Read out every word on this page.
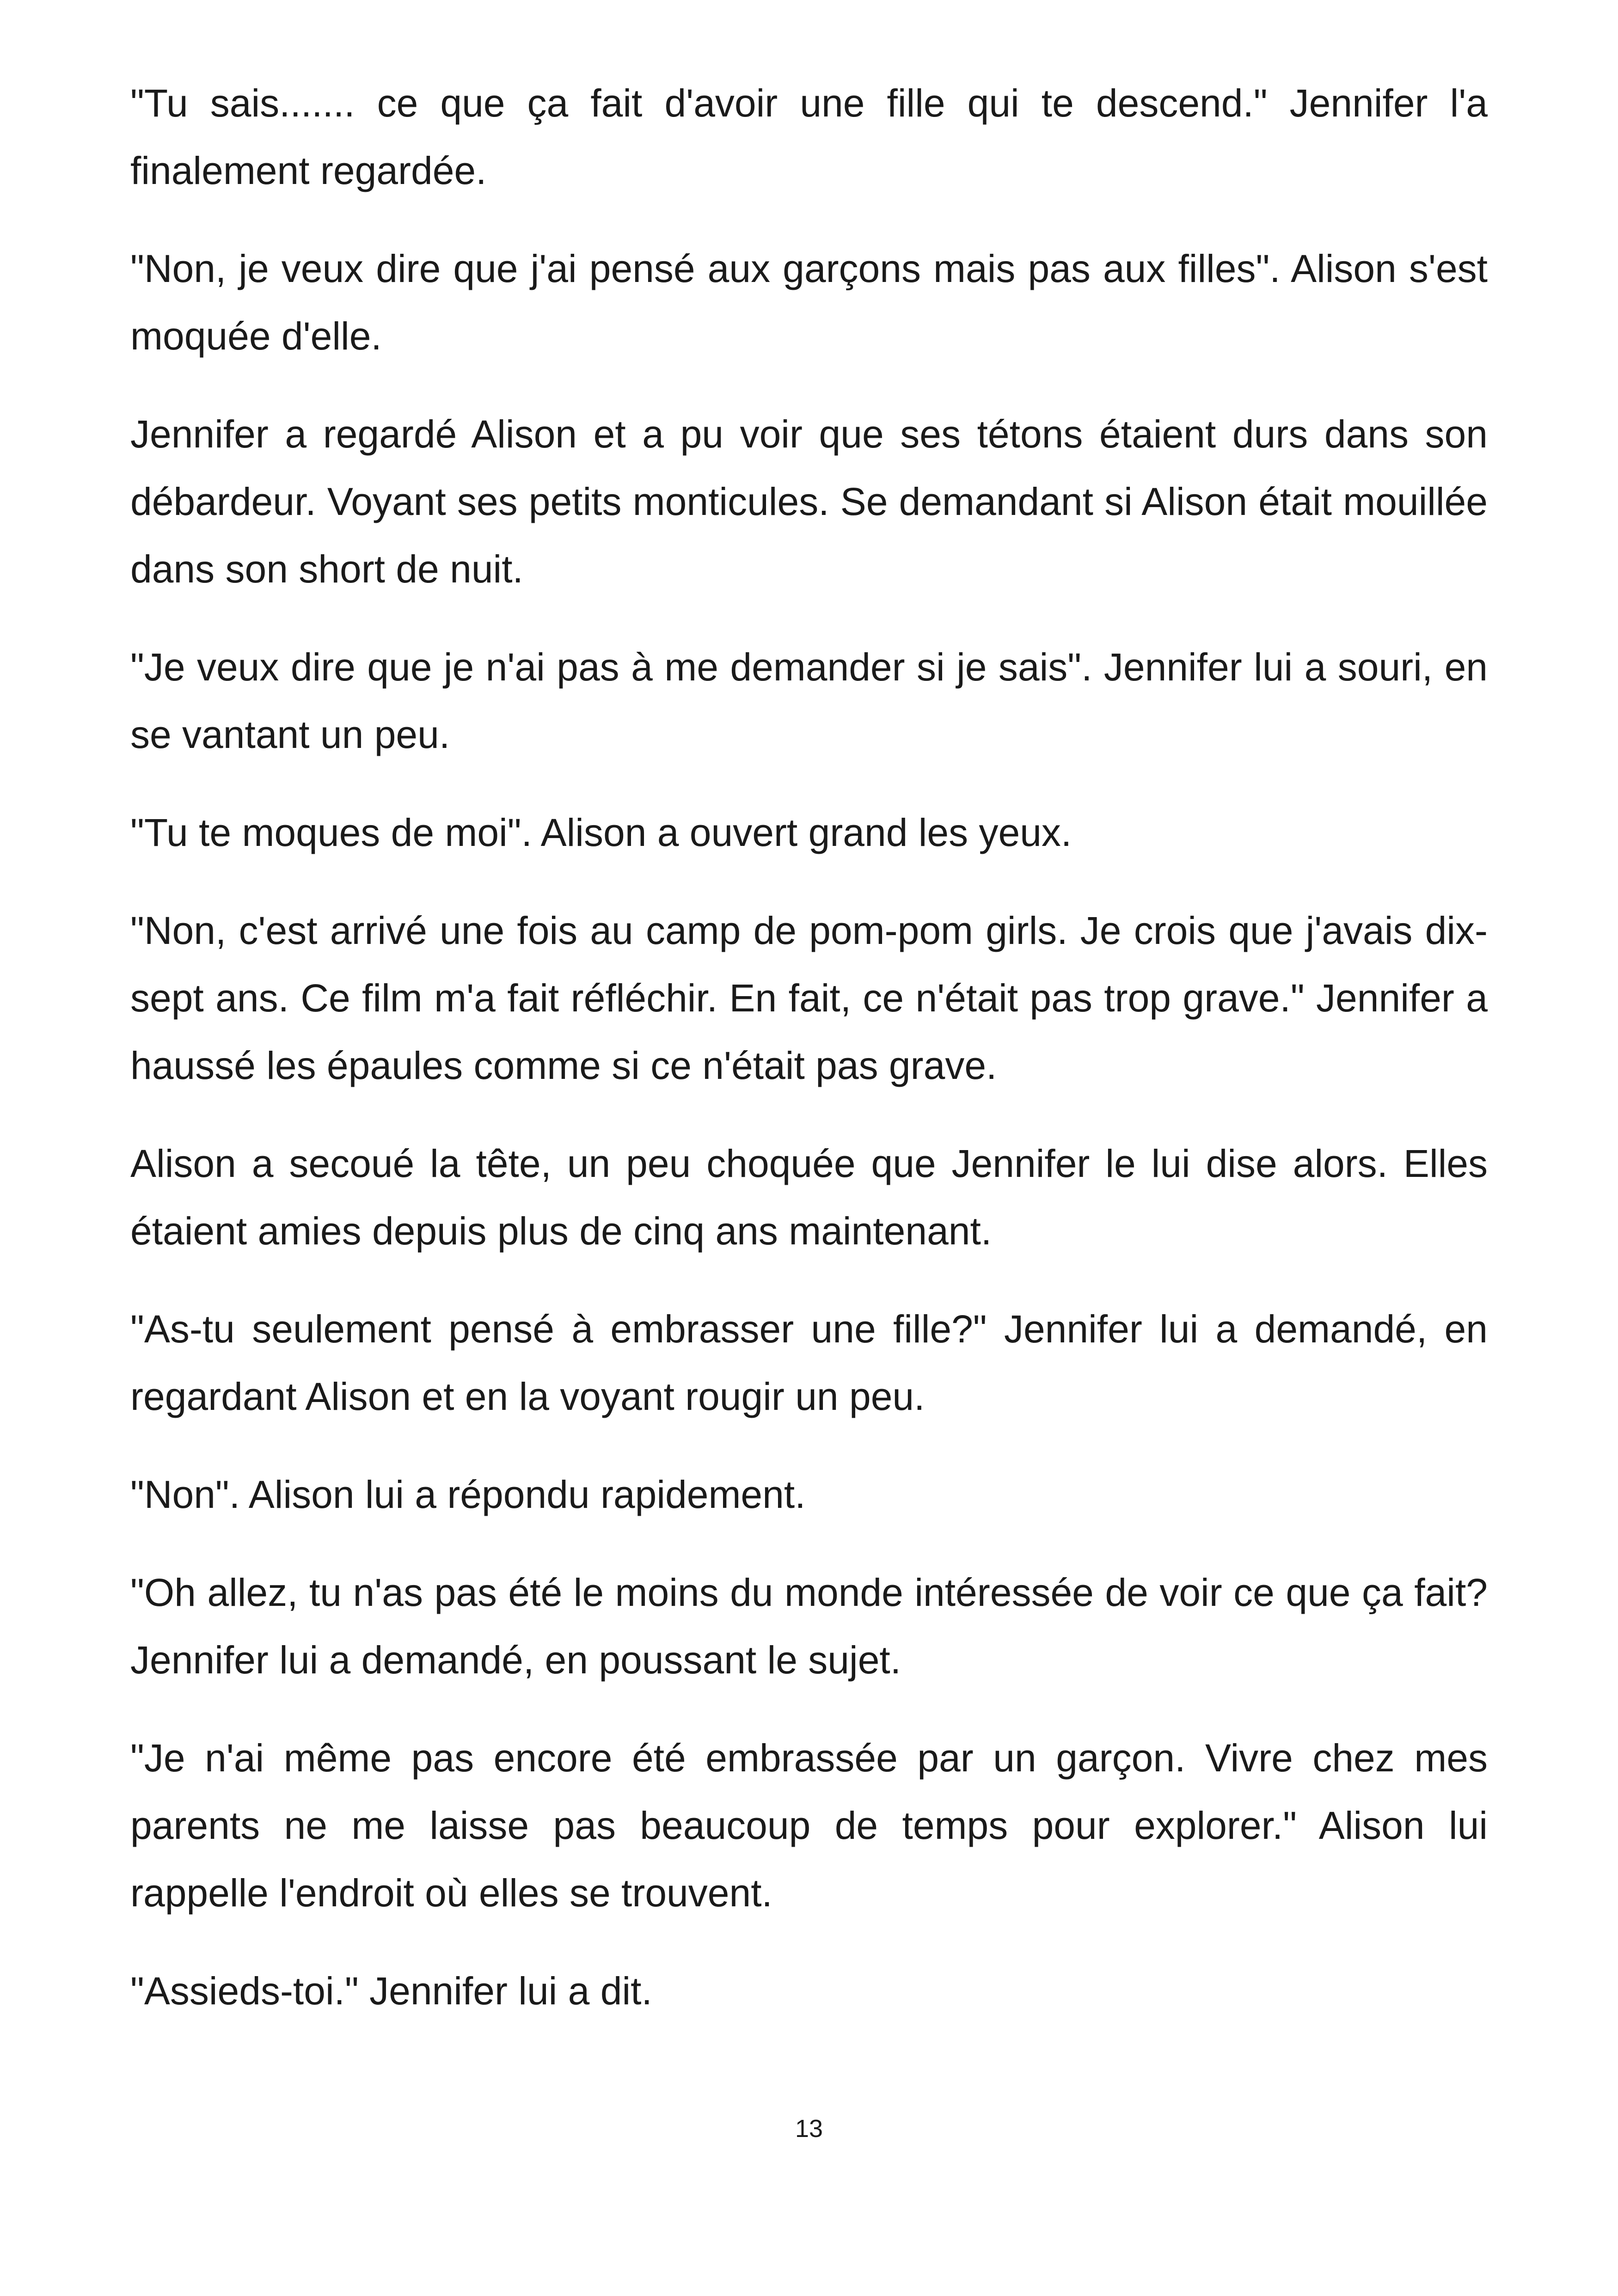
"Tu sais....... ce que ça fait d'avoir une fille qui te descend." Jennifer l'a finalement regardée.

"Non, je veux dire que j'ai pensé aux garçons mais pas aux filles". Alison s'est moquée d'elle.

Jennifer a regardé Alison et a pu voir que ses tétons étaient durs dans son débardeur. Voyant ses petits monticules. Se demandant si Alison était mouillée dans son short de nuit.

"Je veux dire que je n'ai pas à me demander si je sais". Jennifer lui a souri, en se vantant un peu.

"Tu te moques de moi". Alison a ouvert grand les yeux.

"Non, c'est arrivé une fois au camp de pom-pom girls. Je crois que j'avais dix-sept ans. Ce film m'a fait réfléchir. En fait, ce n'était pas trop grave." Jennifer a haussé les épaules comme si ce n'était pas grave.

Alison a secoué la tête, un peu choquée que Jennifer le lui dise alors. Elles étaient amies depuis plus de cinq ans maintenant.

"As-tu seulement pensé à embrasser une fille?" Jennifer lui a demandé, en regardant Alison et en la voyant rougir un peu.

"Non". Alison lui a répondu rapidement.

"Oh allez, tu n'as pas été le moins du monde intéressée de voir ce que ça fait? Jennifer lui a demandé, en poussant le sujet.

"Je n'ai même pas encore été embrassée par un garçon. Vivre chez mes parents ne me laisse pas beaucoup de temps pour explorer." Alison lui rappelle l'endroit où elles se trouvent.

"Assieds-toi." Jennifer lui a dit.

13
